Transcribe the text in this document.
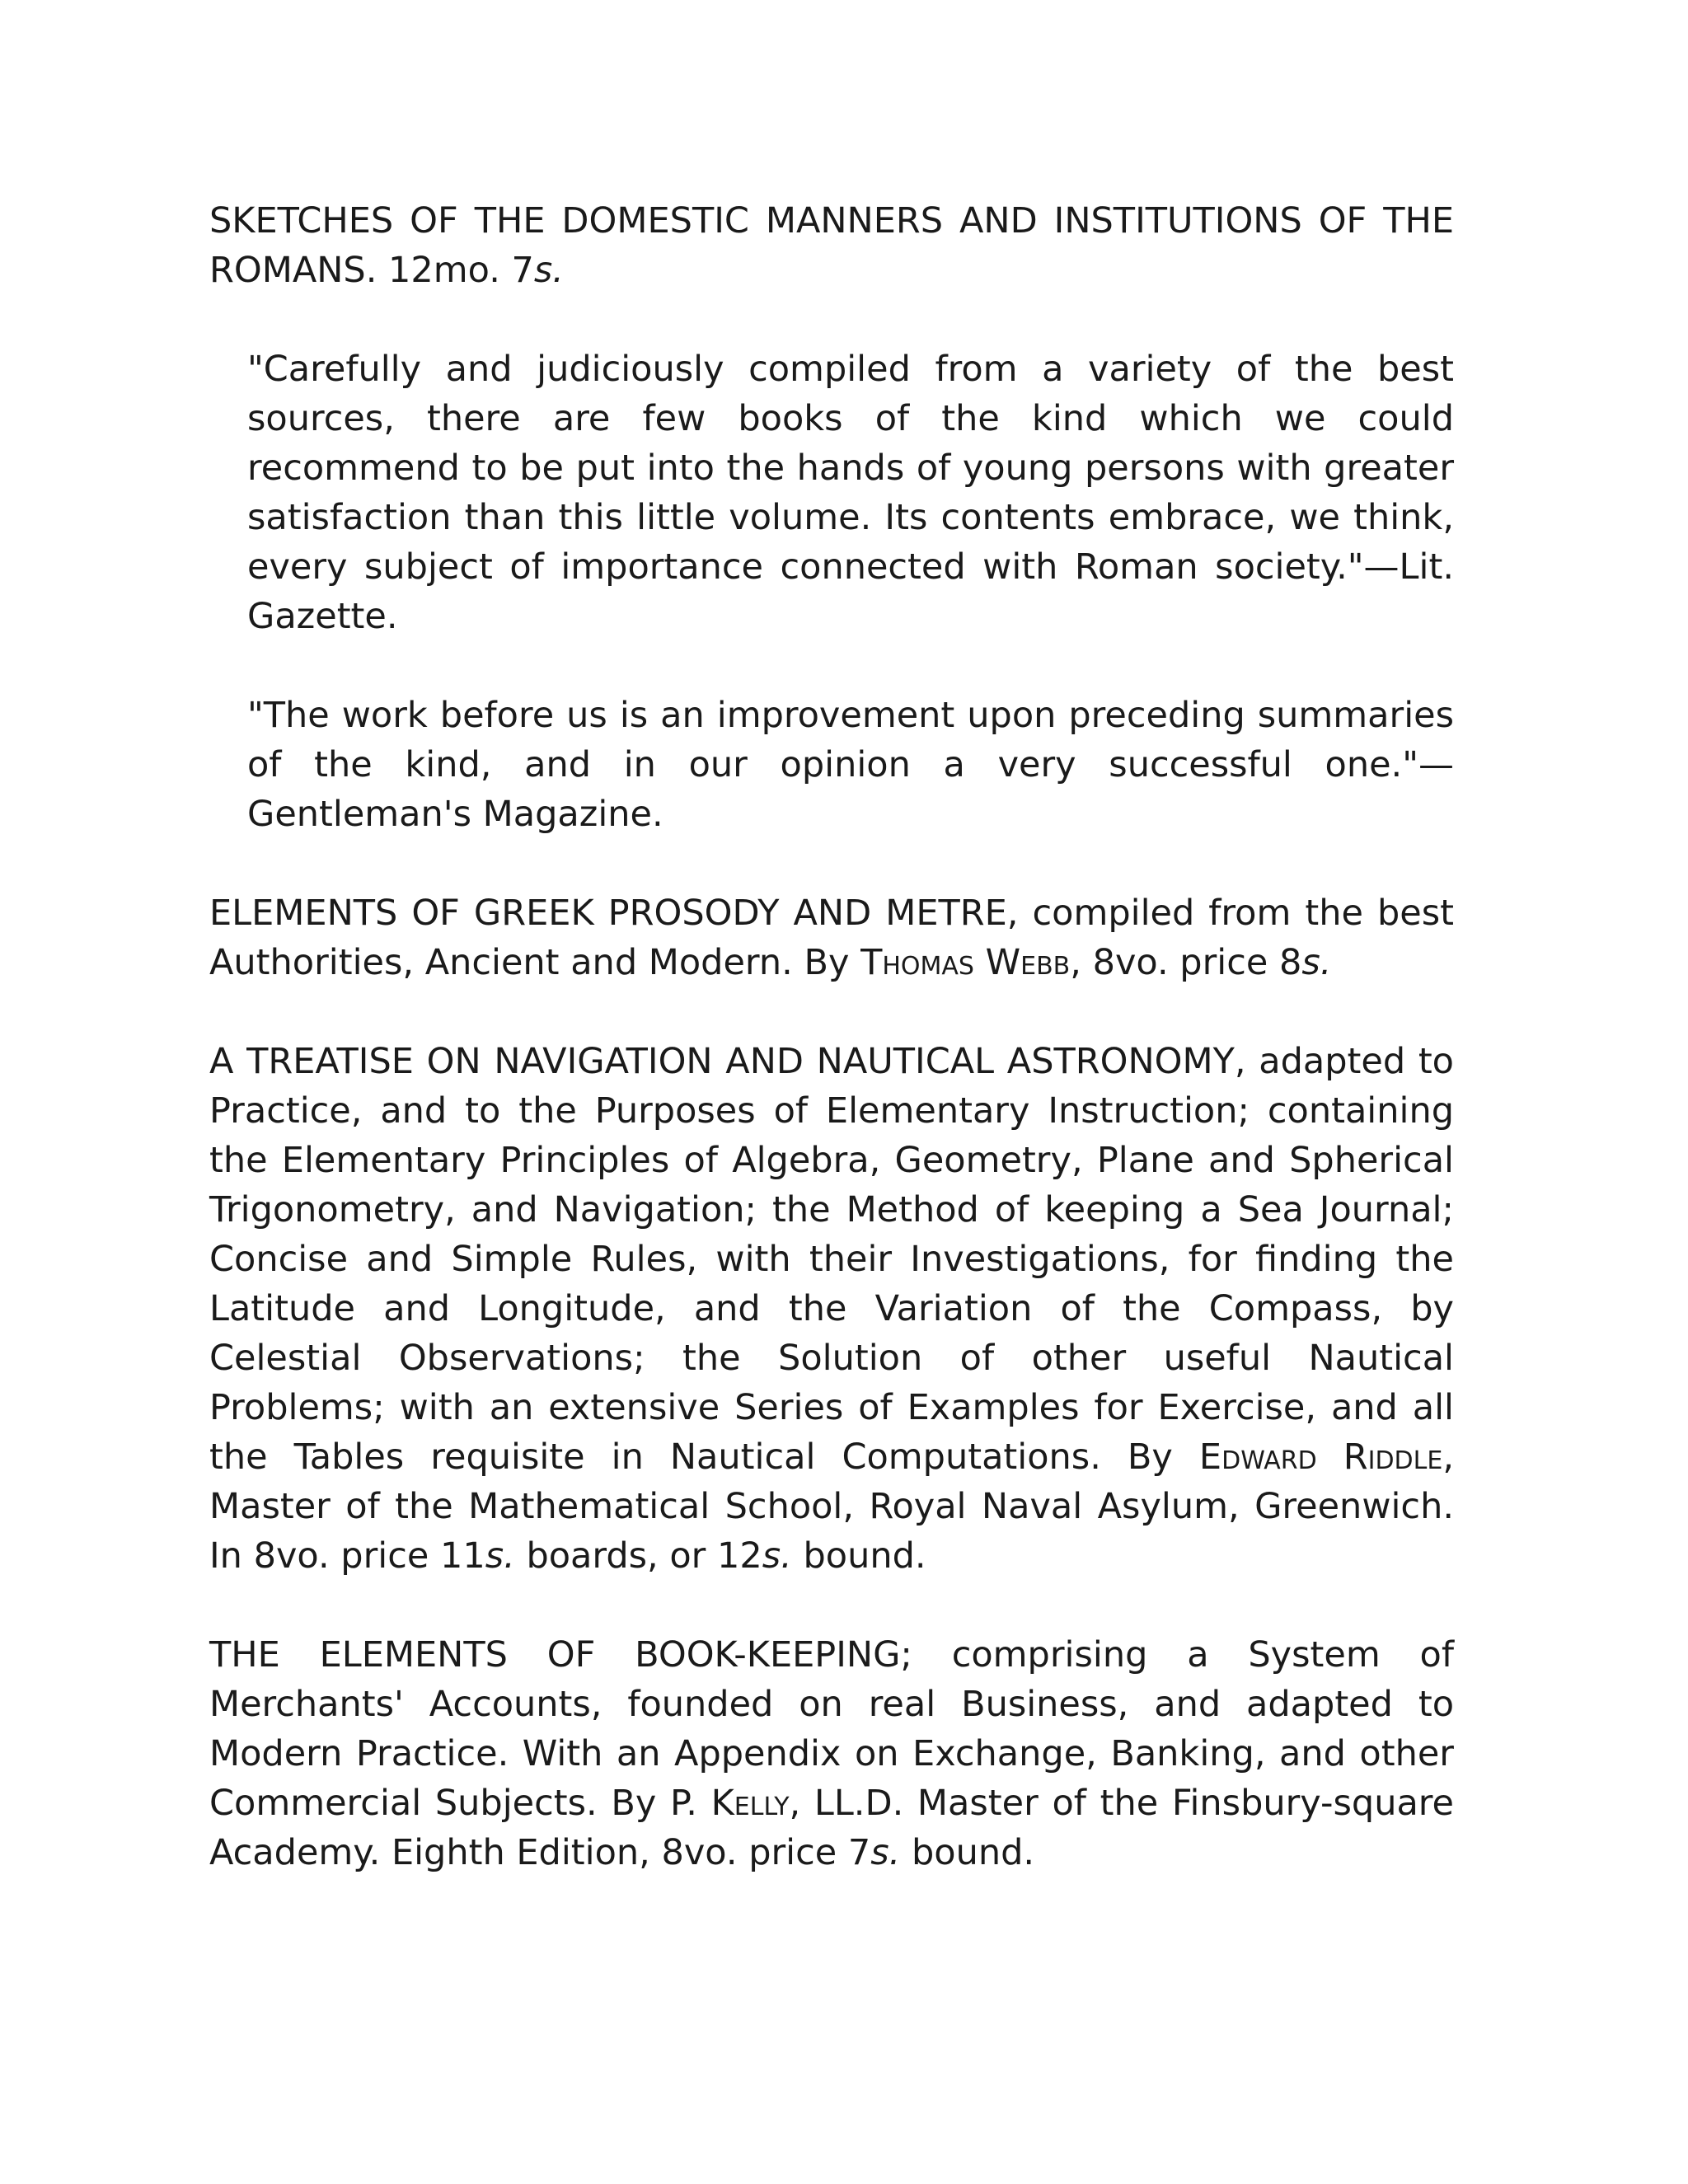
SKETCHES OF THE DOMESTIC MANNERS AND INSTITUTIONS OF THE ROMANS. 12mo. 7s.

"Carefully and judiciously compiled from a variety of the best sources, there are few books of the kind which we could recommend to be put into the hands of young persons with greater satisfaction than this little volume. Its contents embrace, we think, every subject of importance connected with Roman society."—Lit. Gazette.

"The work before us is an improvement upon preceding summaries of the kind, and in our opinion a very successful one."—Gentleman's Magazine.

ELEMENTS OF GREEK PROSODY AND METRE, compiled from the best Authorities, Ancient and Modern. By Thomas Webb, 8vo. price 8s.

A TREATISE ON NAVIGATION AND NAUTICAL ASTRONOMY, adapted to Practice, and to the Purposes of Elementary Instruction; containing the Elementary Principles of Algebra, Geometry, Plane and Spherical Trigonometry, and Navigation; the Method of keeping a Sea Journal; Concise and Simple Rules, with their Investigations, for finding the Latitude and Longitude, and the Variation of the Compass, by Celestial Observations; the Solution of other useful Nautical Problems; with an extensive Series of Examples for Exercise, and all the Tables requisite in Nautical Computations. By Edward Riddle, Master of the Mathematical School, Royal Naval Asylum, Greenwich. In 8vo. price 11s. boards, or 12s. bound.

THE ELEMENTS OF BOOK-KEEPING; comprising a System of Merchants' Accounts, founded on real Business, and adapted to Modern Practice. With an Appendix on Exchange, Banking, and other Commercial Subjects. By P. Kelly, LL.D. Master of the Finsbury-square Academy. Eighth Edition, 8vo. price 7s. bound.
